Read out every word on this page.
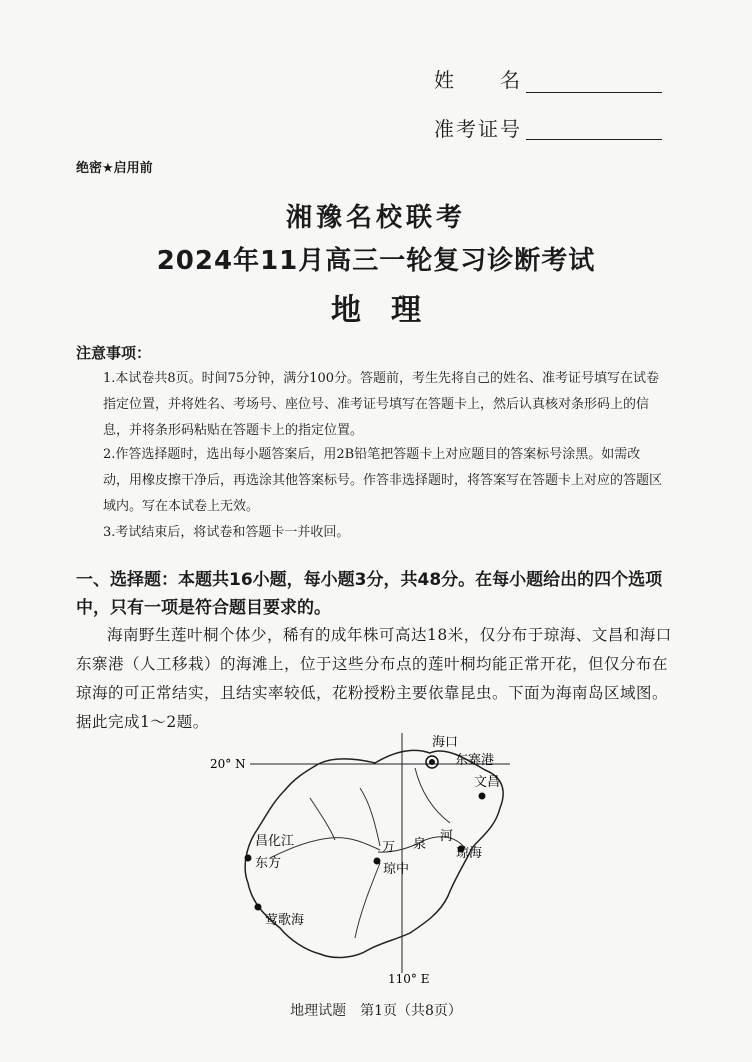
姓　　名
准考证号
绝密★启用前
湘豫名校联考
2024年11月高三一轮复习诊断考试
地　理
注意事项：
1.本试卷共8页。时间75分钟，满分100分。答题前，考生先将自己的姓名、准考证号填写在试卷指定位置，并将姓名、考场号、座位号、准考证号填写在答题卡上，然后认真核对条形码上的信息，并将条形码粘贴在答题卡上的指定位置。
2.作答选择题时，选出每小题答案后，用2B铅笔把答题卡上对应题目的答案标号涂黑。如需改动，用橡皮擦干净后，再选涂其他答案标号。作答非选择题时，将答案写在答题卡上对应的答题区域内。写在本试卷上无效。
3.考试结束后，将试卷和答题卡一并收回。
一、选择题：本题共16小题，每小题3分，共48分。在每小题给出的四个选项中，只有一项是符合题目要求的。
海南野生莲叶桐个体少，稀有的成年株可高达18米，仅分布于琼海、文昌和海口东寨港（人工移栽）的海滩上，位于这些分布点的莲叶桐均能正常开花，但仅分布在琼海的可正常结实，且结实率较低，花粉授粉主要依靠昆虫。下面为海南岛区域图。据此完成1～2题。
20° N
110° E
海口
东寨港
文昌
昌化江
东方
万 泉
河
琼海
琼中
莺歌海
地理试题　第1页（共8页）
